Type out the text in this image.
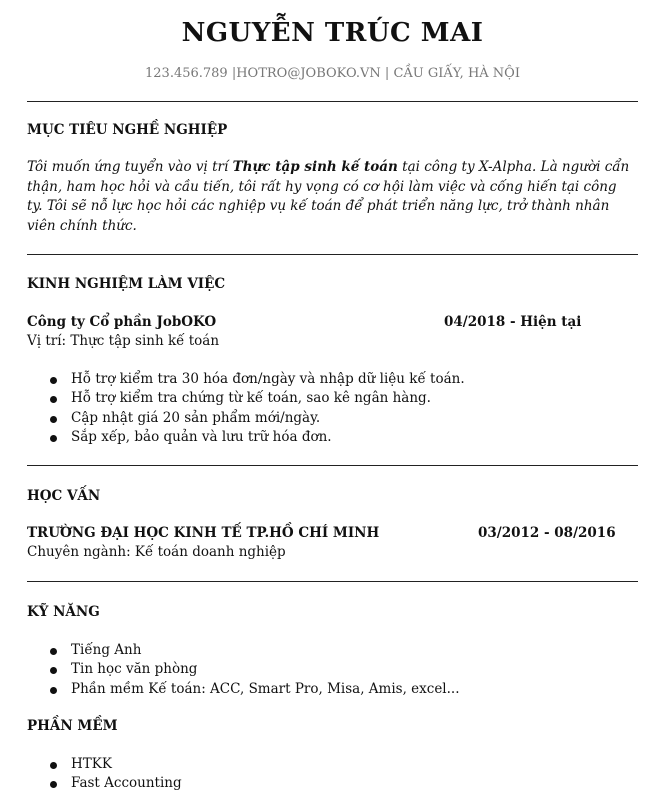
NGUYỄN TRÚC MAI
123.456.789 |HOTRO@JOBOKO.VN | CẦU GIẤY, HÀ NỘI
MỤC TIÊU NGHỀ NGHIỆP

Tôi muốn ứng tuyển vào vị trí Thực tập sinh kế toán tại công ty X-Alpha. Là người cẩn thận, ham học hỏi và cầu tiến, tôi rất hy vọng có cơ hội làm việc và cống hiến tại công ty. Tôi sẽ nỗ lực học hỏi các nghiệp vụ kế toán để phát triển năng lực, trở thành nhân viên chính thức.

KINH NGHIỆM LÀM VIỆC
Công ty Cổ phần JobOKO	04/2018 - Hiện tại
Vị trí: Thực tập sinh kế toán
Hỗ trợ kiểm tra 30 hóa đơn/ngày và nhập dữ liệu kế toán.
Hỗ trợ kiểm tra chứng từ kế toán, sao kê ngân hàng.
Cập nhật giá 20 sản phẩm mới/ngày.
Sắp xếp, bảo quản và lưu trữ hóa đơn.
HỌC VẤN
TRƯỜNG ĐẠI HỌC KINH TẾ TP.HỒ CHÍ MINH	03/2012 - 08/2016
Chuyên ngành: Kế toán doanh nghiệp
KỸ NĂNG
Tiếng Anh
Tin học văn phòng
Phần mềm Kế toán: ACC, Smart Pro, Misa, Amis, excel...
PHẦN MỀM
HTKK
Fast Accounting
